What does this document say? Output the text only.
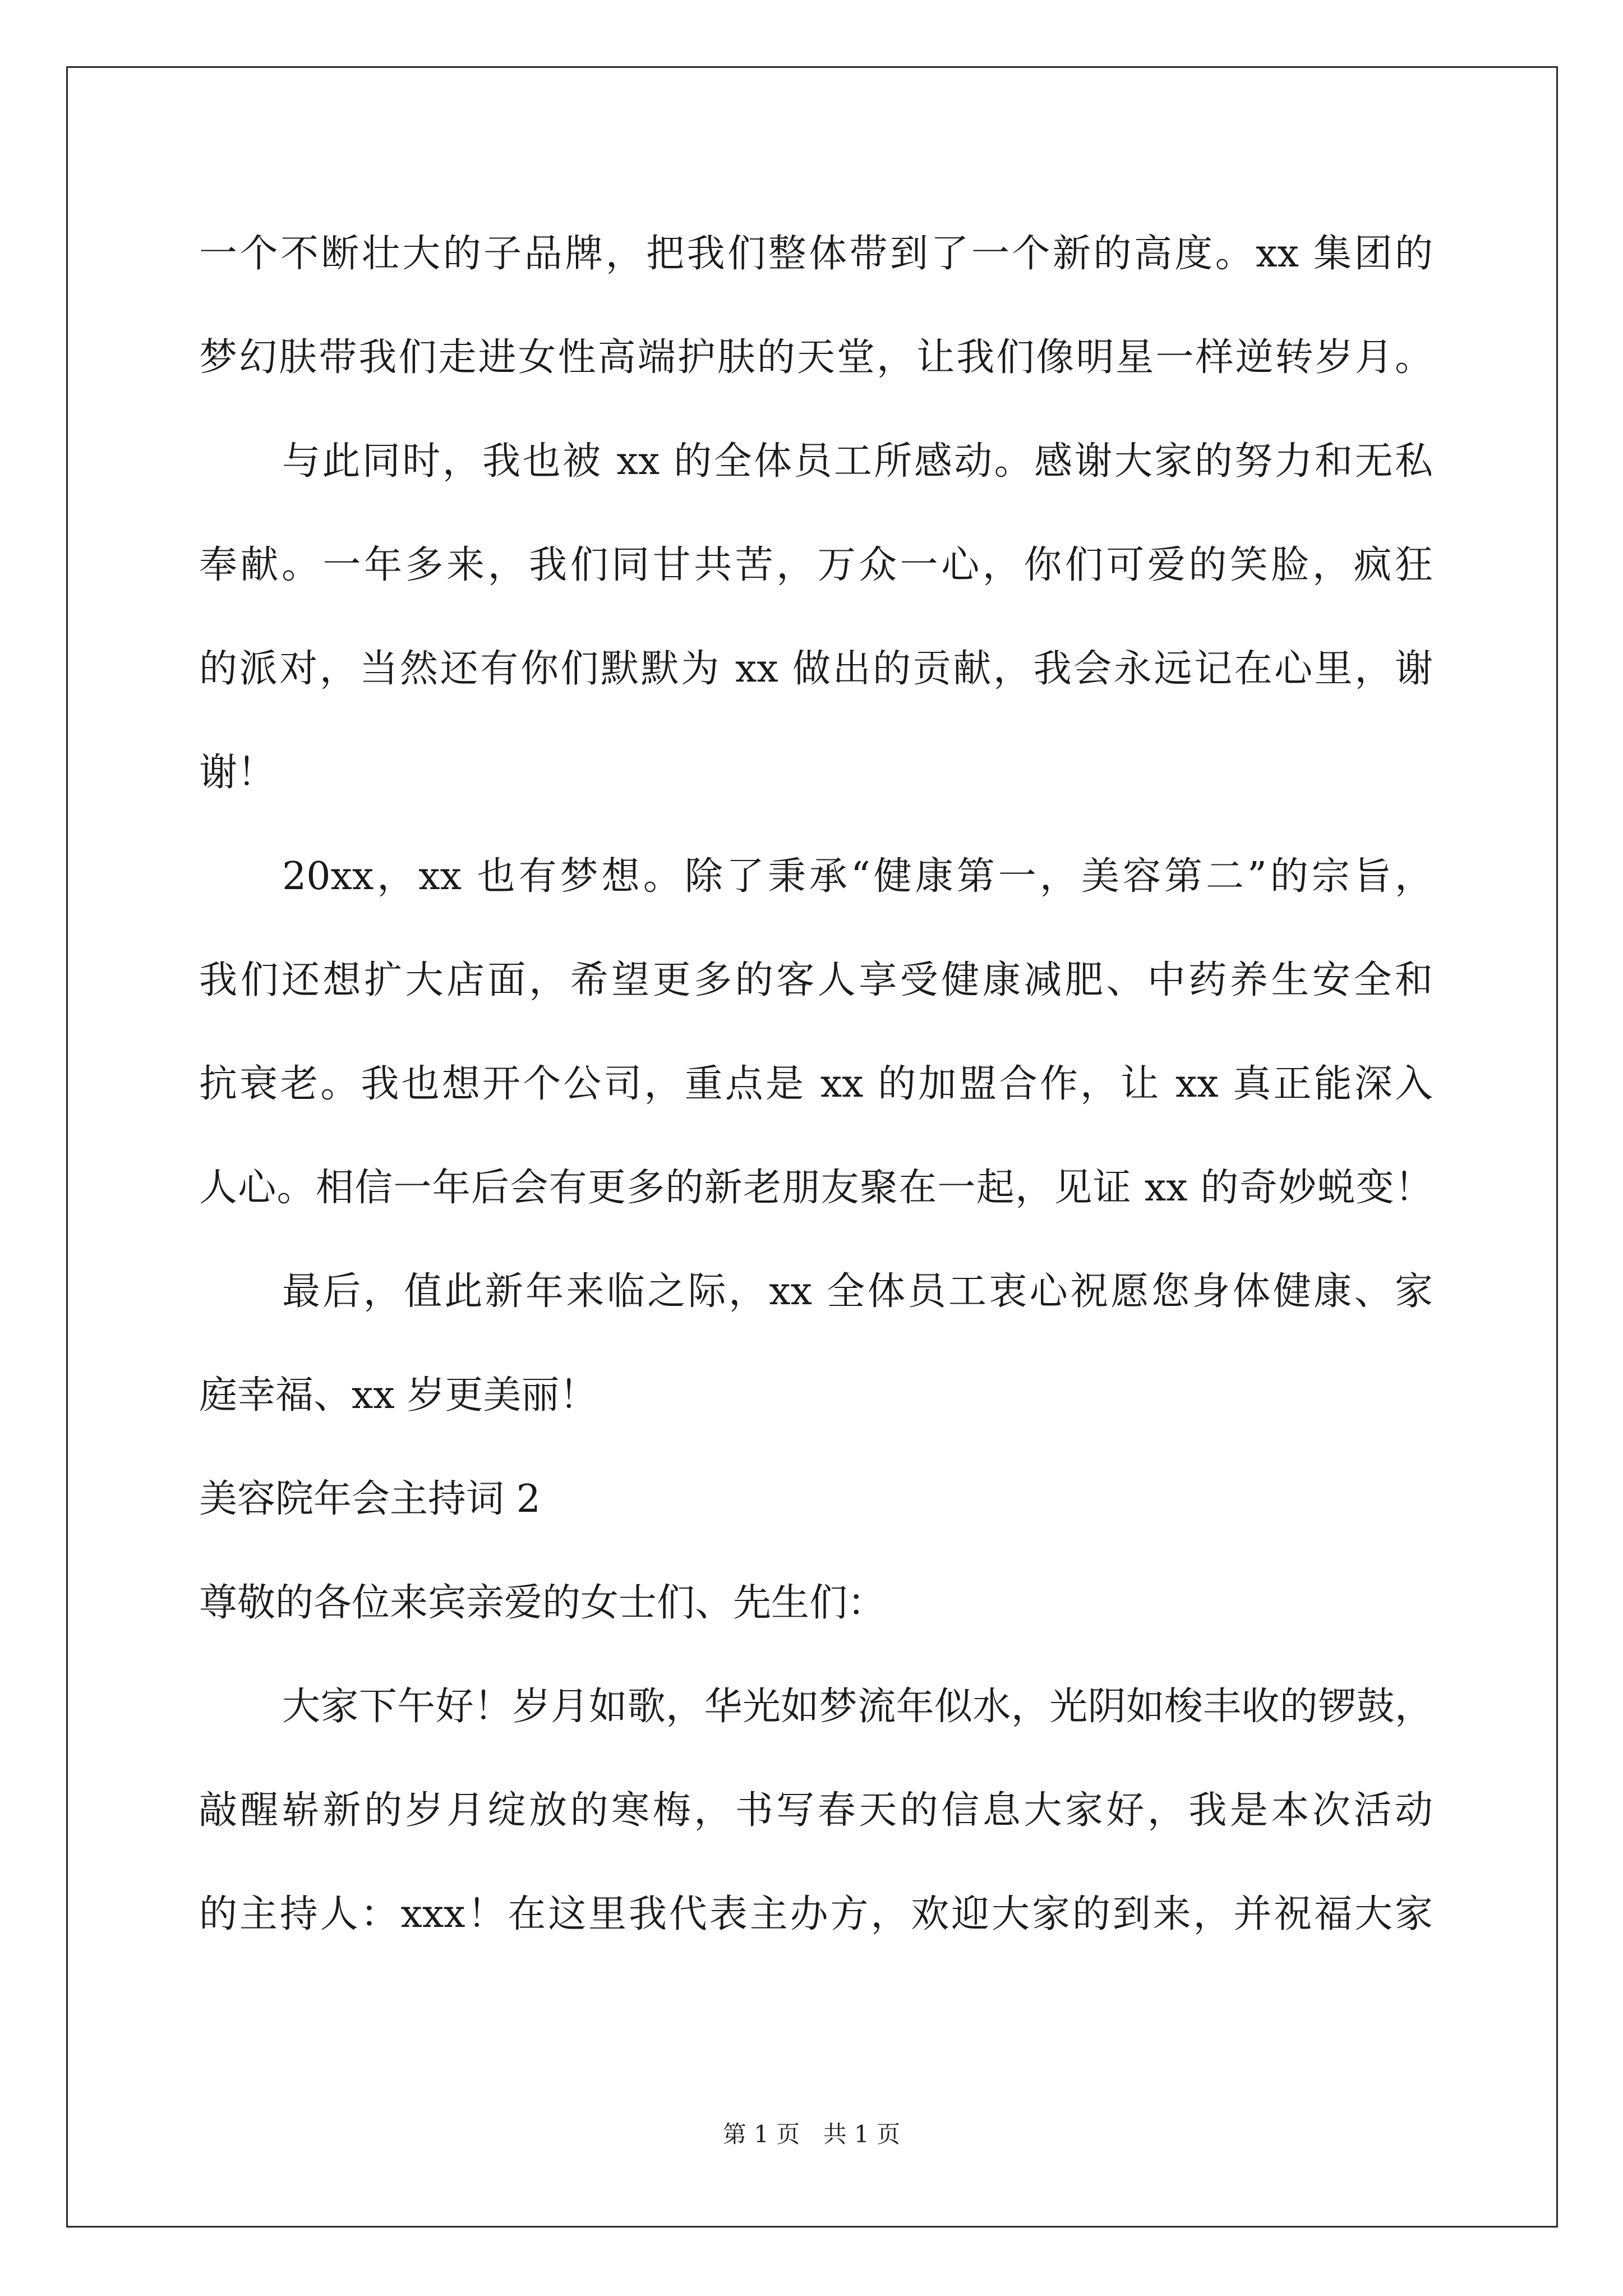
一个不断壮大的子品牌，把我们整体带到了一个新的高度。xx 集团的
梦幻肤带我们走进女性高端护肤的天堂，让我们像明星一样逆转岁月。
与此同时，我也被 xx 的全体员工所感动。感谢大家的努力和无私
奉献。一年多来，我们同甘共苦，万众一心，你们可爱的笑脸，疯狂
的派对，当然还有你们默默为 xx 做出的贡献，我会永远记在心里，谢
谢！
20xx，xx 也有梦想。除了秉承“健康第一，美容第二”的宗旨，
我们还想扩大店面，希望更多的客人享受健康减肥、中药养生安全和
抗衰老。我也想开个公司，重点是 xx 的加盟合作，让 xx 真正能深入
人心。相信一年后会有更多的新老朋友聚在一起，见证 xx 的奇妙蜕变！
最后，值此新年来临之际，xx 全体员工衷心祝愿您身体健康、家
庭幸福、xx 岁更美丽！
美容院年会主持词 2
尊敬的各位来宾亲爱的女士们、先生们：
大家下午好！岁月如歌，华光如梦流年似水，光阴如梭丰收的锣鼓，
敲醒崭新的岁月绽放的寒梅，书写春天的信息大家好，我是本次活动
的主持人：xxx！在这里我代表主办方，欢迎大家的到来，并祝福大家
第 1 页 共 1 页
